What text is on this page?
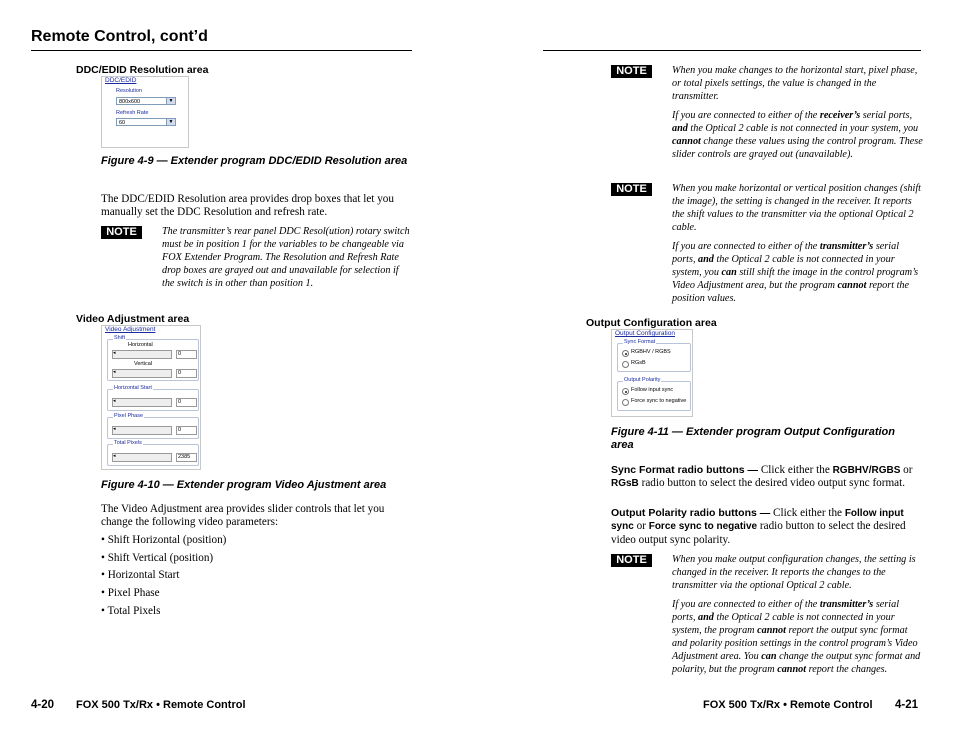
Remote Control, cont’d
DDC/EDID Resolution area
DDC/EDID
Resolution
800x600	▼
Refresh Rate
60	▼
Figure 4-9 — Extender program DDC/EDID Resolution area
The DDC/EDID Resolution area provides drop boxes that let you manually set the DDC Resolution and refresh rate.
NOTE	The transmitter’s rear panel DDC Resol(ution) rotary switch must be in position 1 for the variables to be changeable via FOX Extender Program. The Resolution and Refresh Rate drop boxes are grayed out and unavailable for selection if the switch is in other than position 1.
Video Adjustment area
Video Adjustment
Shift
Horizontal
◂	0
Vertical
◂	0
Horizontal Start
◂	0
Pixel Phase
◂	0
Total Pixels
◂	2385
Figure 4-10 — Extender program Video Ajustment area
The Video Adjustment area provides slider controls that let you change the following video parameters:
• Shift Horizontal (position)
• Shift Vertical (position)
• Horizontal Start
• Pixel Phase
• Total Pixels
NOTE	When you make changes to the horizontal start, pixel phase, or total pixels settings, the value is changed in the transmitter.

If you are connected to either of the receiver’s serial ports, and the Optical 2 cable is not connected in your system, you cannot change these values using the control program. These slider controls are grayed out (unavailable).

NOTE	When you make horizontal or vertical position changes (shift the image), the setting is changed in the receiver. It reports the shift values to the transmitter via the optional Optical 2 cable.

If you are connected to either of the transmitter’s serial ports, and the Optical 2 cable is not connected in your system, you can still shift the image in the control program’s Video Adjustment area, but the program cannot report the position values.

Output Configuration area
Output Configuration
Sync Format
RGBHV / RGBS
RGsB
Output Polarity
Follow input sync
Force sync to negative
Figure 4-11 — Extender program Output Configuration area
Sync Format radio buttons — Click either the RGBHV/RGBS or RGsB radio button to select the desired video output sync format.
Output Polarity radio buttons — Click either the Follow input sync or Force sync to negative radio button to select the desired video output sync polarity.
NOTE	When you make output configuration changes, the setting is changed in the receiver. It reports the changes to the transmitter via the optional Optical 2 cable.

If you are connected to either of the transmitter’s serial ports, and the Optical 2 cable is not connected in your system, the program cannot report the output sync format and polarity position settings in the control program’s Video Adjustment area. You can change the output sync format and polarity, but the program cannot report the changes.

4-20 FOX 500 Tx/Rx • Remote Control	FOX 500 Tx/Rx • Remote Control 4-21
